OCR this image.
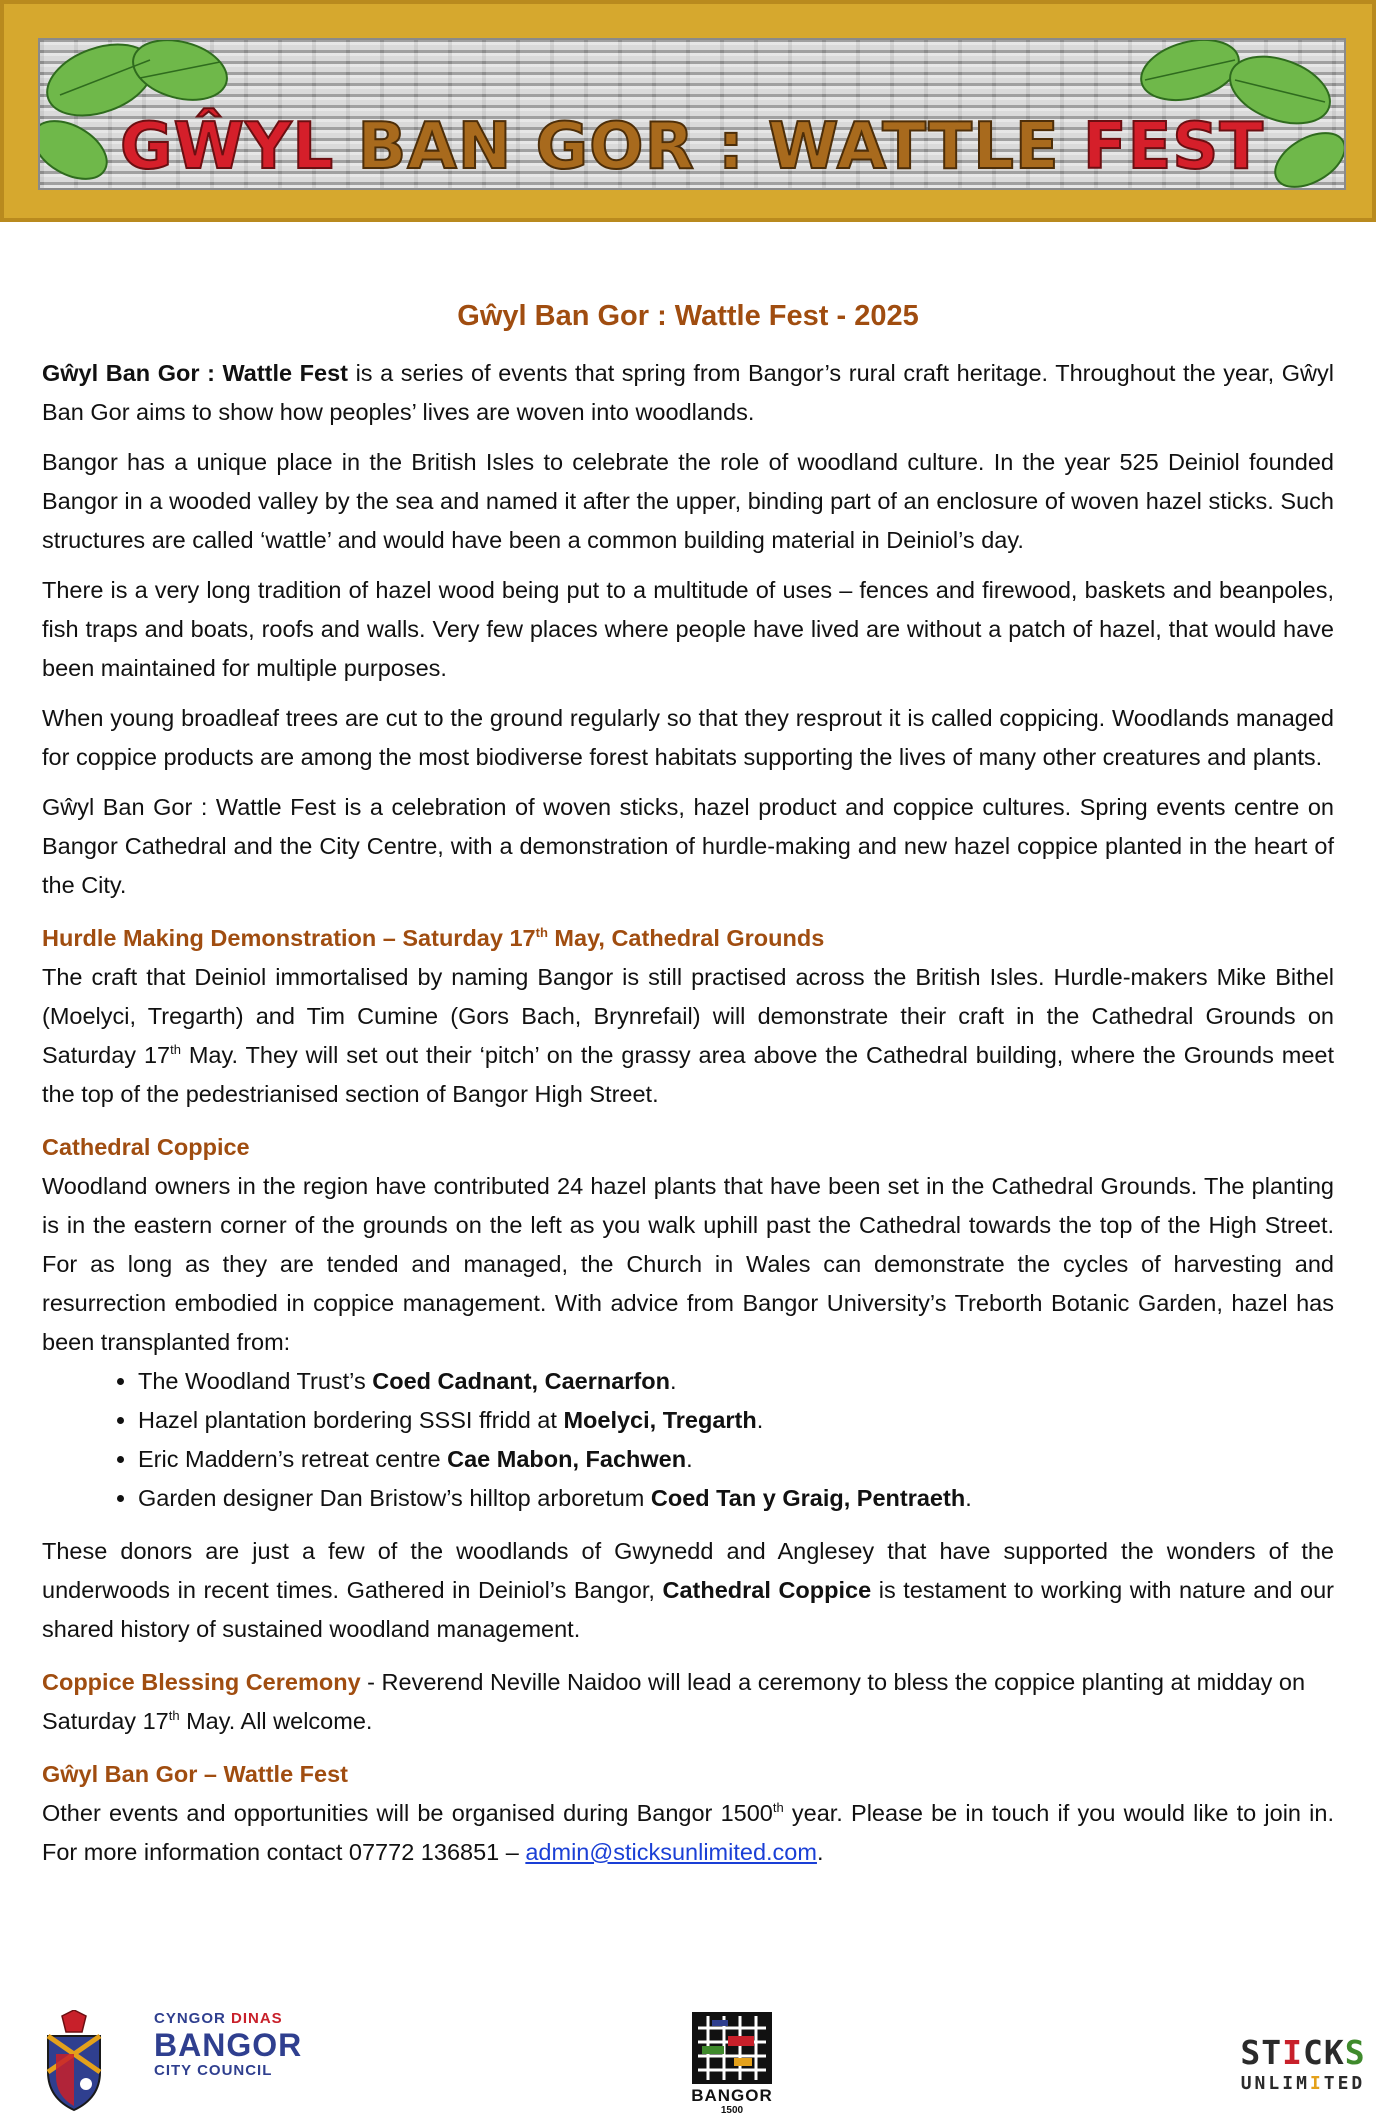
GŴYL BAN GOR : WATTLE FEST
Gŵyl Ban Gor : Wattle Fest - 2025

Gŵyl Ban Gor : Wattle Fest is a series of events that spring from Bangor’s rural craft heritage. Throughout the year, Gŵyl Ban Gor aims to show how peoples’ lives are woven into woodlands.

Bangor has a unique place in the British Isles to celebrate the role of woodland culture. In the year 525 Deiniol founded Bangor in a wooded valley by the sea and named it after the upper, binding part of an enclosure of woven hazel sticks. Such structures are called ‘wattle’ and would have been a common building material in Deiniol’s day.

There is a very long tradition of hazel wood being put to a multitude of uses – fences and firewood, baskets and beanpoles, fish traps and boats, roofs and walls. Very few places where people have lived are without a patch of hazel, that would have been maintained for multiple purposes.

When young broadleaf trees are cut to the ground regularly so that they resprout it is called coppicing. Woodlands managed for coppice products are among the most biodiverse forest habitats supporting the lives of many other creatures and plants.

Gŵyl Ban Gor : Wattle Fest is a celebration of woven sticks, hazel product and coppice cultures. Spring events centre on Bangor Cathedral and the City Centre, with a demonstration of hurdle-making and new hazel coppice planted in the heart of the City.

Hurdle Making Demonstration – Saturday 17th May, Cathedral Grounds

The craft that Deiniol immortalised by naming Bangor is still practised across the British Isles. Hurdle-makers Mike Bithel (Moelyci, Tregarth) and Tim Cumine (Gors Bach, Brynrefail) will demonstrate their craft in the Cathedral Grounds on Saturday 17th May. They will set out their ‘pitch’ on the grassy area above the Cathedral building, where the Grounds meet the top of the pedestrianised section of Bangor High Street.

Cathedral Coppice

Woodland owners in the region have contributed 24 hazel plants that have been set in the Cathedral Grounds. The planting is in the eastern corner of the grounds on the left as you walk uphill past the Cathedral towards the top of the High Street. For as long as they are tended and managed, the Church in Wales can demonstrate the cycles of harvesting and resurrection embodied in coppice management. With advice from Bangor University’s Treborth Botanic Garden, hazel has been transplanted from:

• The Woodland Trust’s Coed Cadnant, Caernarfon.
• Hazel plantation bordering SSSI ffridd at Moelyci, Tregarth.
• Eric Maddern’s retreat centre Cae Mabon, Fachwen.
• Garden designer Dan Bristow’s hilltop arboretum Coed Tan y Graig, Pentraeth.

These donors are just a few of the woodlands of Gwynedd and Anglesey that have supported the wonders of the underwoods in recent times. Gathered in Deiniol’s Bangor, Cathedral Coppice is testament to working with nature and our shared history of sustained woodland management.

Coppice Blessing Ceremony - Reverend Neville Naidoo will lead a ceremony to bless the coppice planting at midday on Saturday 17th May. All welcome.

Gŵyl Ban Gor – Wattle Fest

Other events and opportunities will be organised during Bangor 1500th year. Please be in touch if you would like to join in. For more information contact 07772 136851 – admin@sticksunlimited.com.

CYNGOR DINAS
BANGOR
CITY COUNCIL
BANGOR
1500
STICKS
UNLIMITED
